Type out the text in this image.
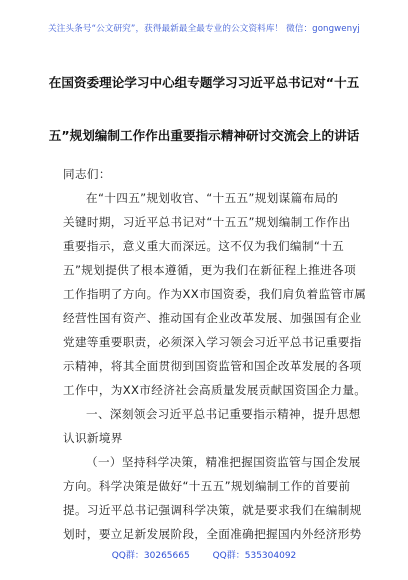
关注头条号“公文研究”，获得最新最全最专业的公文资料库！ 微信：gongwenyj
在国资委理论学习中心组专题学习习近平总书记对“十五
五”规划编制工作作出重要指示精神研讨交流会上的讲话
同志们：
在“十四五”规划收官、“十五五”规划谋篇布局的
关键时期，习近平总书记对“十五五”规划编制工作作出
重要指示，意义重大而深远。这不仅为我们编制“十五
五”规划提供了根本遵循，更为我们在新征程上推进各项
工作指明了方向。作为XX市国资委，我们肩负着监管市属
经营性国有资产、推动国有企业改革发展、加强国有企业
党建等重要职责，必须深入学习领会习近平总书记重要指
示精神，将其全面贯彻到国资监管和国企改革发展的各项
工作中，为XX市经济社会高质量发展贡献国资国企力量。
一、深刻领会习近平总书记重要指示精神，提升思想
认识新境界
（一）坚持科学决策，精准把握国资监管与国企发展
方向。科学决策是做好“十五五”规划编制工作的首要前
提。习近平总书记强调科学决策，就是要求我们在编制规
划时，要立足新发展阶段，全面准确把握国内外经济形势
QQ群：30265665	QQ群：535304092
